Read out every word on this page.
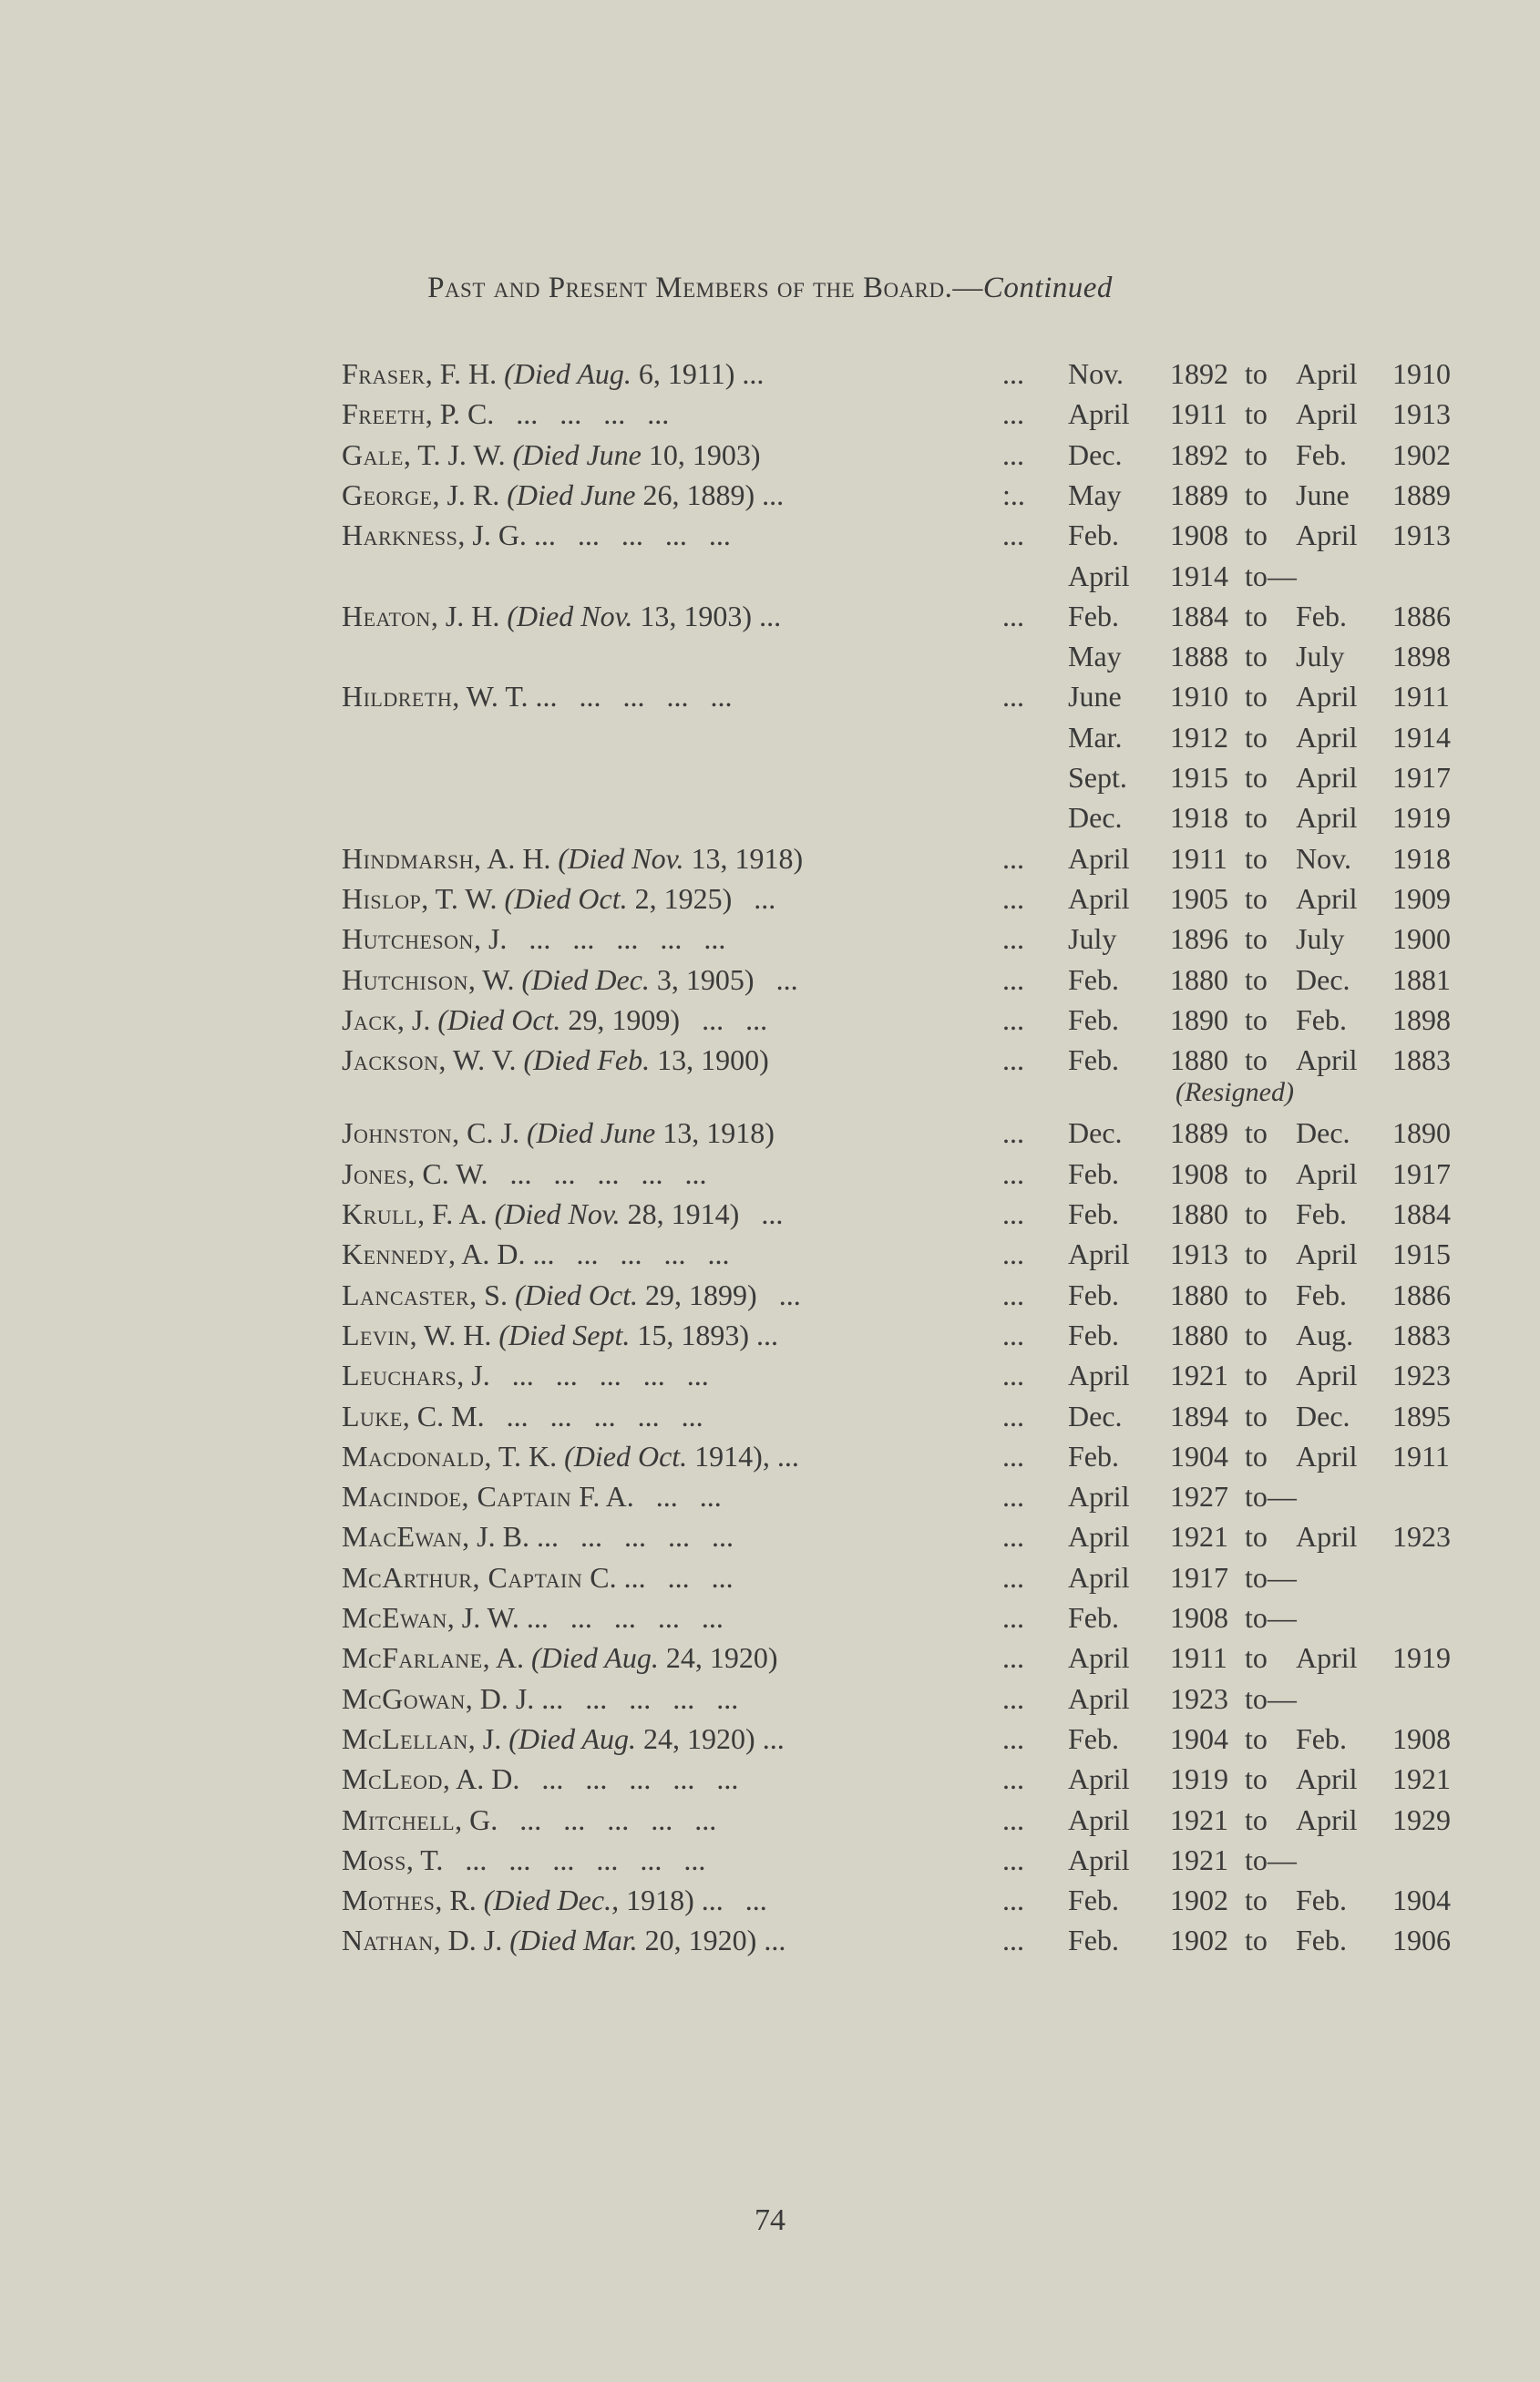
Past and Present Members of the Board.—Continued
Fraser, F. H. (Died Aug. 6, 1911) ...	... Nov. 1892 to April 1910
Freeth, P. C.   ...   ...   ...   ...	... April 1911 to April 1913
Gale, T. J. W. (Died June 10, 1903)	... Dec. 1892 to Feb. 1902
George, J. R. (Died June 26, 1889) ...	:.. May 1889 to June 1889
Harkness, J. G. ...   ...   ...   ...   ...	... Feb. 1908 to April 1913
April 1914 to—
Heaton, J. H. (Died Nov. 13, 1903) ...	... Feb. 1884 to Feb. 1886
May 1888 to July 1898
Hildreth, W. T. ...   ...   ...   ...   ...	... June 1910 to April 1911
Mar. 1912 to April 1914
Sept. 1915 to April 1917
Dec. 1918 to April 1919
Hindmarsh, A. H. (Died Nov. 13, 1918)	... April 1911 to Nov. 1918
Hislop, T. W. (Died Oct. 2, 1925)   ...	... April 1905 to April 1909
Hutcheson, J.   ...   ...   ...   ...   ...	... July 1896 to July 1900
Hutchison, W. (Died Dec. 3, 1905)   ...	... Feb. 1880 to Dec. 1881
Jack, J. (Died Oct. 29, 1909)   ...   ...	... Feb. 1890 to Feb. 1898
Jackson, W. V. (Died Feb. 13, 1900)	... Feb. 1880 to April 1883
(Resigned)
Johnston, C. J. (Died June 13, 1918)	... Dec. 1889 to Dec. 1890
Jones, C. W.   ...   ...   ...   ...   ...	... Feb. 1908 to April 1917
Krull, F. A. (Died Nov. 28, 1914)   ...	... Feb. 1880 to Feb. 1884
Kennedy, A. D. ...   ...   ...   ...   ...	... April 1913 to April 1915
Lancaster, S. (Died Oct. 29, 1899)   ...	... Feb. 1880 to Feb. 1886
Levin, W. H. (Died Sept. 15, 1893) ...	... Feb. 1880 to Aug. 1883
Leuchars, J.   ...   ...   ...   ...   ...	... April 1921 to April 1923
Luke, C. M.   ...   ...   ...   ...   ...	... Dec. 1894 to Dec. 1895
Macdonald, T. K. (Died Oct. 1914), ...	... Feb. 1904 to April 1911
Macindoe, Captain F. A.   ...   ...	... April 1927 to—
MacEwan, J. B. ...   ...   ...   ...   ...	... April 1921 to April 1923
McArthur, Captain C. ...   ...   ...	... April 1917 to—
McEwan, J. W. ...   ...   ...   ...   ...	... Feb. 1908 to—
McFarlane, A. (Died Aug. 24, 1920)	... April 1911 to April 1919
McGowan, D. J. ...   ...   ...   ...   ...	... April 1923 to—
McLellan, J. (Died Aug. 24, 1920) ...	... Feb. 1904 to Feb. 1908
McLeod, A. D.   ...   ...   ...   ...   ...	... April 1919 to April 1921
Mitchell, G.   ...   ...   ...   ...   ...	... April 1921 to April 1929
Moss, T.   ...   ...   ...   ...   ...   ...	... April 1921 to—
Mothes, R. (Died Dec., 1918) ...   ...	... Feb. 1902 to Feb. 1904
Nathan, D. J. (Died Mar. 20, 1920) ...	... Feb. 1902 to Feb. 1906
74
